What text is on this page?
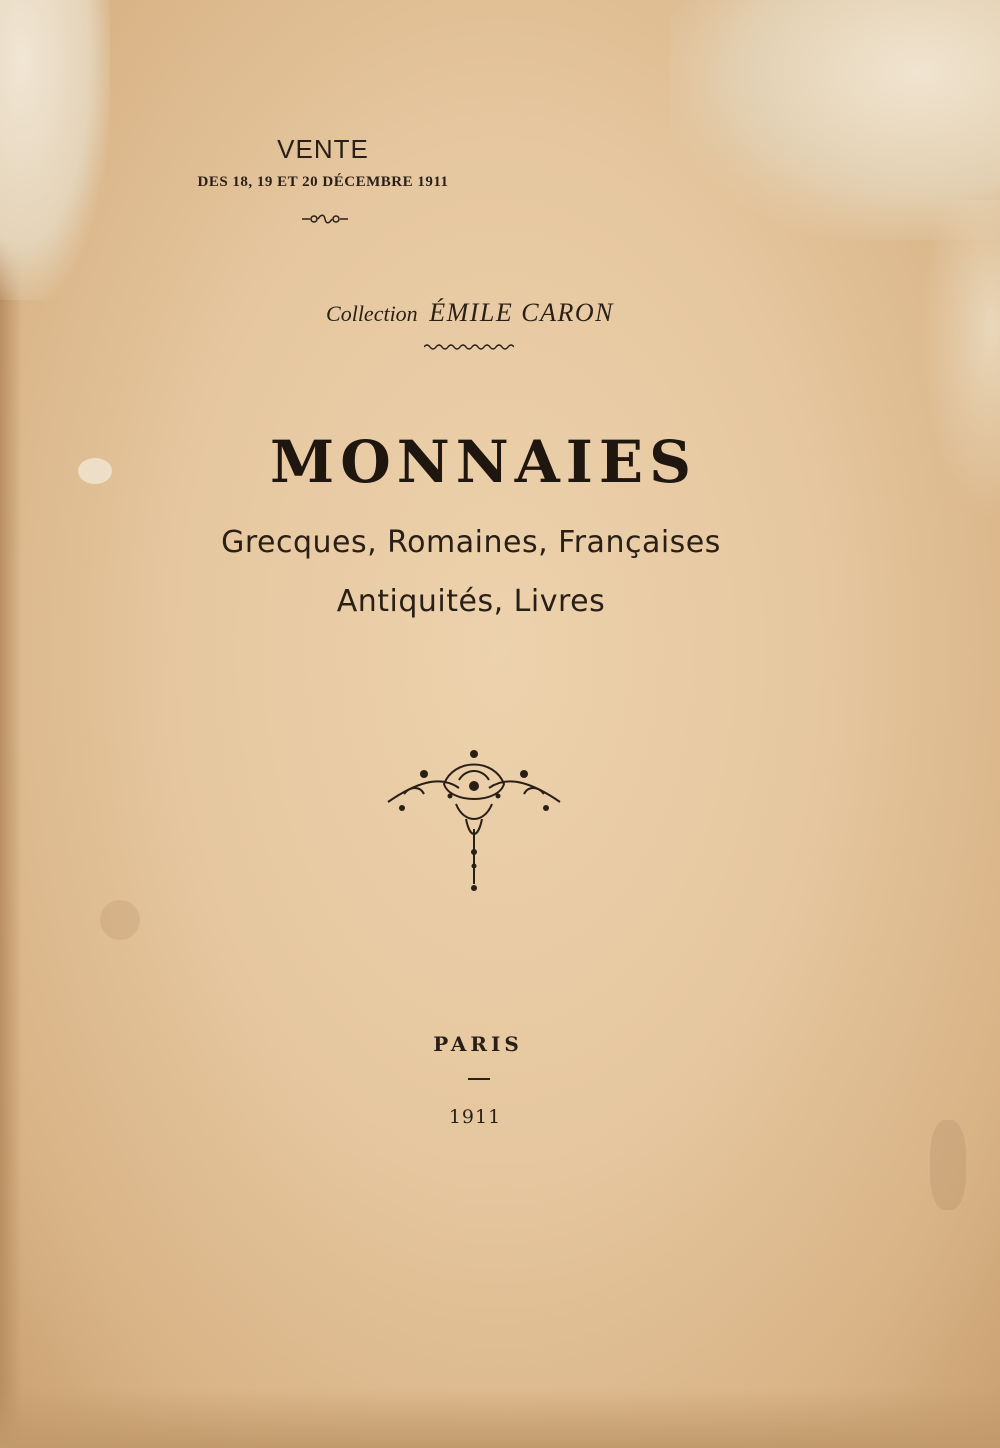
VENTE

DES 18, 19 ET 20 DÉCEMBRE 1911

Collection ÉMILE CARON

MONNAIES

Grecques, Romaines, Françaises

Antiquités, Livres

PARIS

1911
